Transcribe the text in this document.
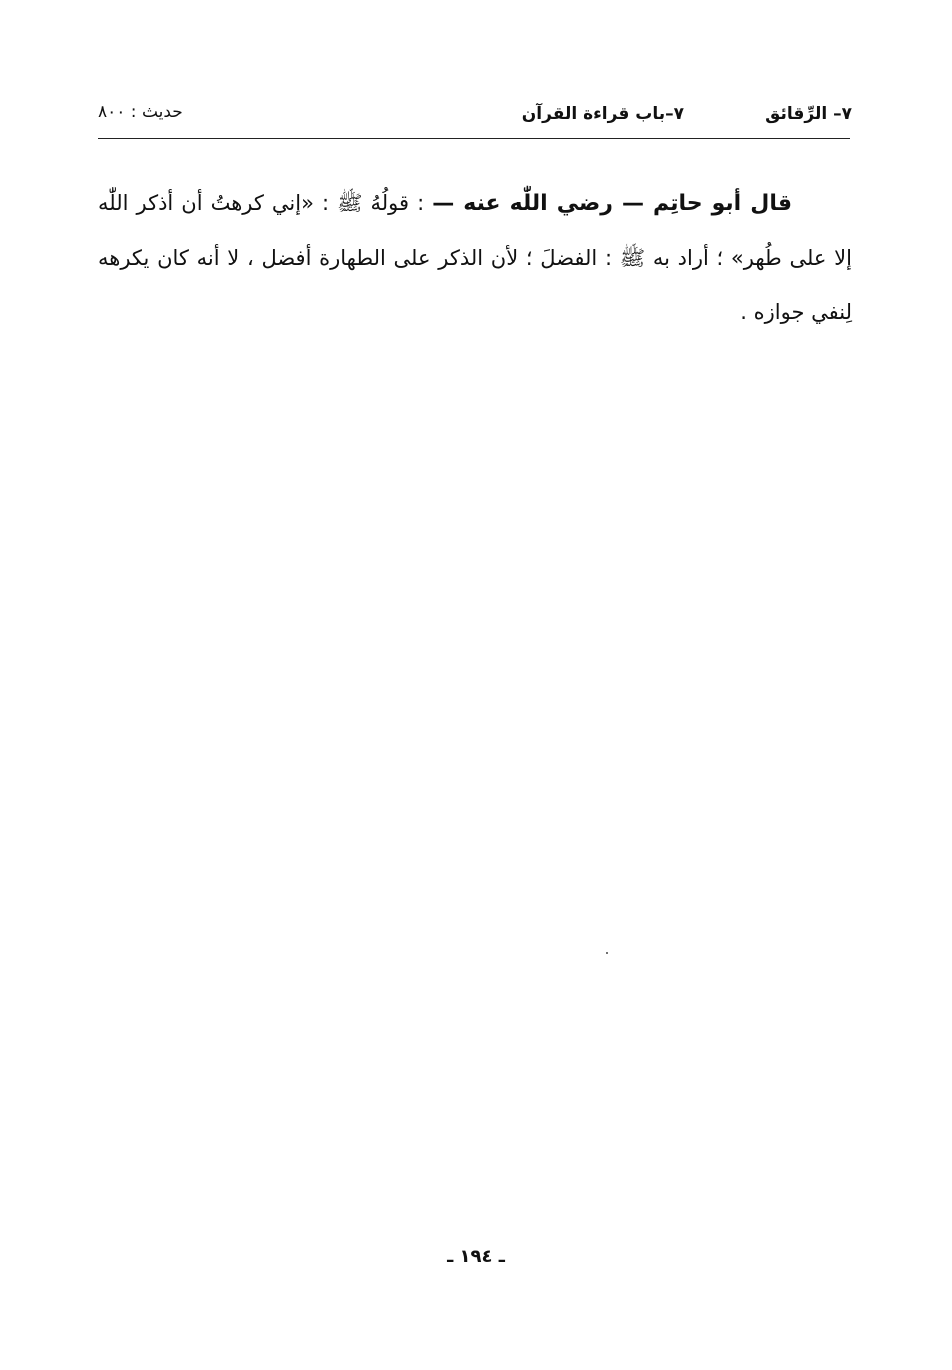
٧– الرِّقائق
٧–باب قراءة القرآن
حديث : ٨٠٠

قال أبو حاتِم — رضي اللّٰه عنه — : قولُهُ ﷺ : «إني كرهتُ أن أذكر اللّٰه إلا على طُهر» ؛ أراد به ﷺ : الفضلَ ؛ لأن الذكر على الطهارة أفضل ، لا أنه كان يكرهه لِنفي جوازه .

ـ ١٩٤ ـ
